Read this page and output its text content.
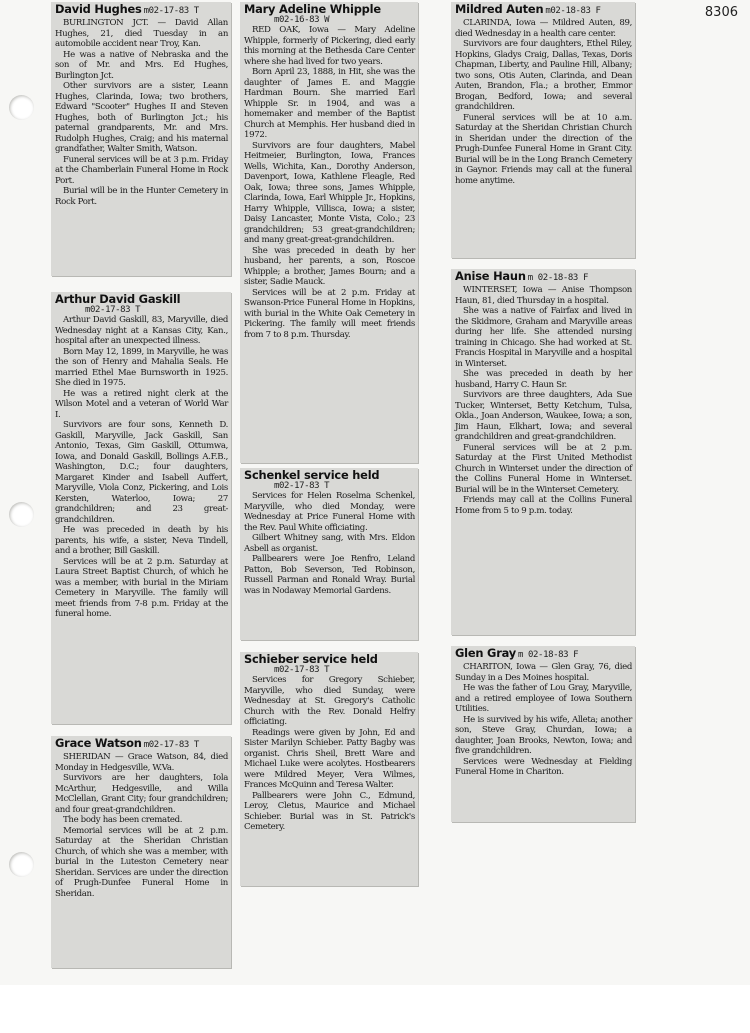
8306
David Hughes m02-17-83 T

BURLINGTON JCT. — David Allan Hughes, 21, died Tuesday in an automobile accident near Troy, Kan.

He was a native of Nebraska and the son of Mr. and Mrs. Ed Hughes, Burlington Jct.

Other survivors are a sister, Leann Hughes, Clarinda, Iowa; two brothers, Edward "Scooter" Hughes II and Steven Hughes, both of Burlington Jct.; his paternal grandparents, Mr. and Mrs. Rudolph Hughes, Craig; and his maternal grandfather, Walter Smith, Watson.

Funeral services will be at 3 p.m. Friday at the Chamberlain Funeral Home in Rock Port.

Burial will be in the Hunter Cemetery in Rock Port.

Arthur David Gaskill
m02-17-83 T

Arthur David Gaskill, 83, Maryville, died Wednesday night at a Kansas City, Kan., hospital after an unexpected illness.

Born May 12, 1899, in Maryville, he was the son of Henry and Mahalia Seals. He married Ethel Mae Burnsworth in 1925. She died in 1975.

He was a retired night clerk at the Wilson Motel and a veteran of World War I.

Survivors are four sons, Kenneth D. Gaskill, Maryville, Jack Gaskill, San Antonio, Texas, Gim Gaskill, Ottumwa, Iowa, and Donald Gaskill, Bollings A.F.B., Washington, D.C.; four daughters, Margaret Kinder and Isabell Auffert, Maryville, Viola Conz, Pickering, and Lois Kersten, Waterloo, Iowa; 27 grandchildren; and 23 great-grandchildren.

He was preceded in death by his parents, his wife, a sister, Neva Tindell, and a brother, Bill Gaskill.

Services will be at 2 p.m. Saturday at Laura Street Baptist Church, of which he was a member, with burial in the Miriam Cemetery in Maryville. The family will meet friends from 7-8 p.m. Friday at the funeral home.

Grace Watson m02-17-83 T

SHERIDAN — Grace Watson, 84, died Monday in Hedgesville, W.Va.

Survivors are her daughters, Iola McArthur, Hedgesville, and Willa McClellan, Grant City; four grandchildren; and four great-grandchildren.

The body has been cremated.

Memorial services will be at 2 p.m. Saturday at the Sheridan Christian Church, of which she was a member, with burial in the Luteston Cemetery near Sheridan. Services are under the direction of Prugh-Dunfee Funeral Home in Sheridan.

Mary Adeline Whipple
m02-16-83 W

RED OAK, Iowa — Mary Adeline Whipple, formerly of Pickering, died early this morning at the Bethesda Care Center where she had lived for two years.

Born April 23, 1888, in Hit, she was the daughter of James E. and Maggie Hardman Bourn. She married Earl Whipple Sr. in 1904, and was a homemaker and member of the Baptist Church at Memphis. Her husband died in 1972.

Survivors are four daughters, Mabel Heitmeier, Burlington, Iowa, Frances Wells, Wichita, Kan., Dorothy Anderson, Davenport, Iowa, Kathlene Fleagle, Red Oak, Iowa; three sons, James Whipple, Clarinda, Iowa, Earl Whipple Jr., Hopkins, Harry Whipple, Villisca, Iowa; a sister, Daisy Lancaster, Monte Vista, Colo.; 23 grandchildren; 53 great-grandchildren; and many great-great-grandchildren.

She was preceded in death by her husband, her parents, a son, Roscoe Whipple; a brother, James Bourn; and a sister, Sadie Mauck.

Services will be at 2 p.m. Friday at Swanson-Price Funeral Home in Hopkins, with burial in the White Oak Cemetery in Pickering. The family will meet friends from 7 to 8 p.m. Thursday.

Schenkel service held
m02-17-83 T

Services for Helen Roselma Schenkel, Maryville, who died Monday, were Wednesday at Price Funeral Home with the Rev. Paul White officiating.

Gilbert Whitney sang, with Mrs. Eldon Asbell as organist.

Pallbearers were Joe Renfro, Leland Patton, Bob Severson, Ted Robinson, Russell Parman and Ronald Wray. Burial was in Nodaway Memorial Gardens.

Schieber service held
m02-17-83 T

Services for Gregory Schieber, Maryville, who died Sunday, were Wednesday at St. Gregory's Catholic Church with the Rev. Donald Helfry officiating.

Readings were given by John, Ed and Sister Marilyn Schieber. Patty Bagby was organist. Chris Sheil, Brett Ware and Michael Luke were acolytes. Hostbearers were Mildred Meyer, Vera Wilmes, Frances McQuinn and Teresa Walter.

Pallbearers were John C., Edmund, Leroy, Cletus, Maurice and Michael Schieber. Burial was in St. Patrick's Cemetery.

Mildred Auten m02-18-83 F

CLARINDA, Iowa — Mildred Auten, 89, died Wednesday in a health care center.

Survivors are four daughters, Ethel Riley, Hopkins, Gladys Craig, Dallas, Texas, Doris Chapman, Liberty, and Pauline Hill, Albany; two sons, Otis Auten, Clarinda, and Dean Auten, Brandon, Fla.; a brother, Emmor Brogan, Bedford, Iowa; and several grandchildren.

Funeral services will be at 10 a.m. Saturday at the Sheridan Christian Church in Sheridan under the direction of the Prugh-Dunfee Funeral Home in Grant City. Burial will be in the Long Branch Cemetery in Gaynor. Friends may call at the funeral home anytime.

Anise Haun m 02-18-83 F

WINTERSET, Iowa — Anise Thompson Haun, 81, died Thursday in a hospital.

She was a native of Fairfax and lived in the Skidmore, Graham and Maryville areas during her life. She attended nursing training in Chicago. She had worked at St. Francis Hospital in Maryville and a hospital in Winterset.

She was preceded in death by her husband, Harry C. Haun Sr.

Survivors are three daughters, Ada Sue Tucker, Winterset, Betty Ketchum, Tulsa, Okla., Joan Anderson, Waukee, Iowa; a son, Jim Haun, Elkhart, Iowa; and several grandchildren and great-grandchildren.

Funeral services will be at 2 p.m. Saturday at the First United Methodist Church in Winterset under the direction of the Collins Funeral Home in Winterset. Burial will be in the Winterset Cemetery.

Friends may call at the Collins Funeral Home from 5 to 9 p.m. today.

Glen Gray m 02-18-83 F

CHARITON, Iowa — Glen Gray, 76, died Sunday in a Des Moines hospital.

He was the father of Lou Gray, Maryville, and a retired employee of Iowa Southern Utilities.

He is survived by his wife, Alleta; another son, Steve Gray, Churdan, Iowa; a daughter, Joan Brooks, Newton, Iowa; and five grandchildren.

Services were Wednesday at Fielding Funeral Home in Chariton.
